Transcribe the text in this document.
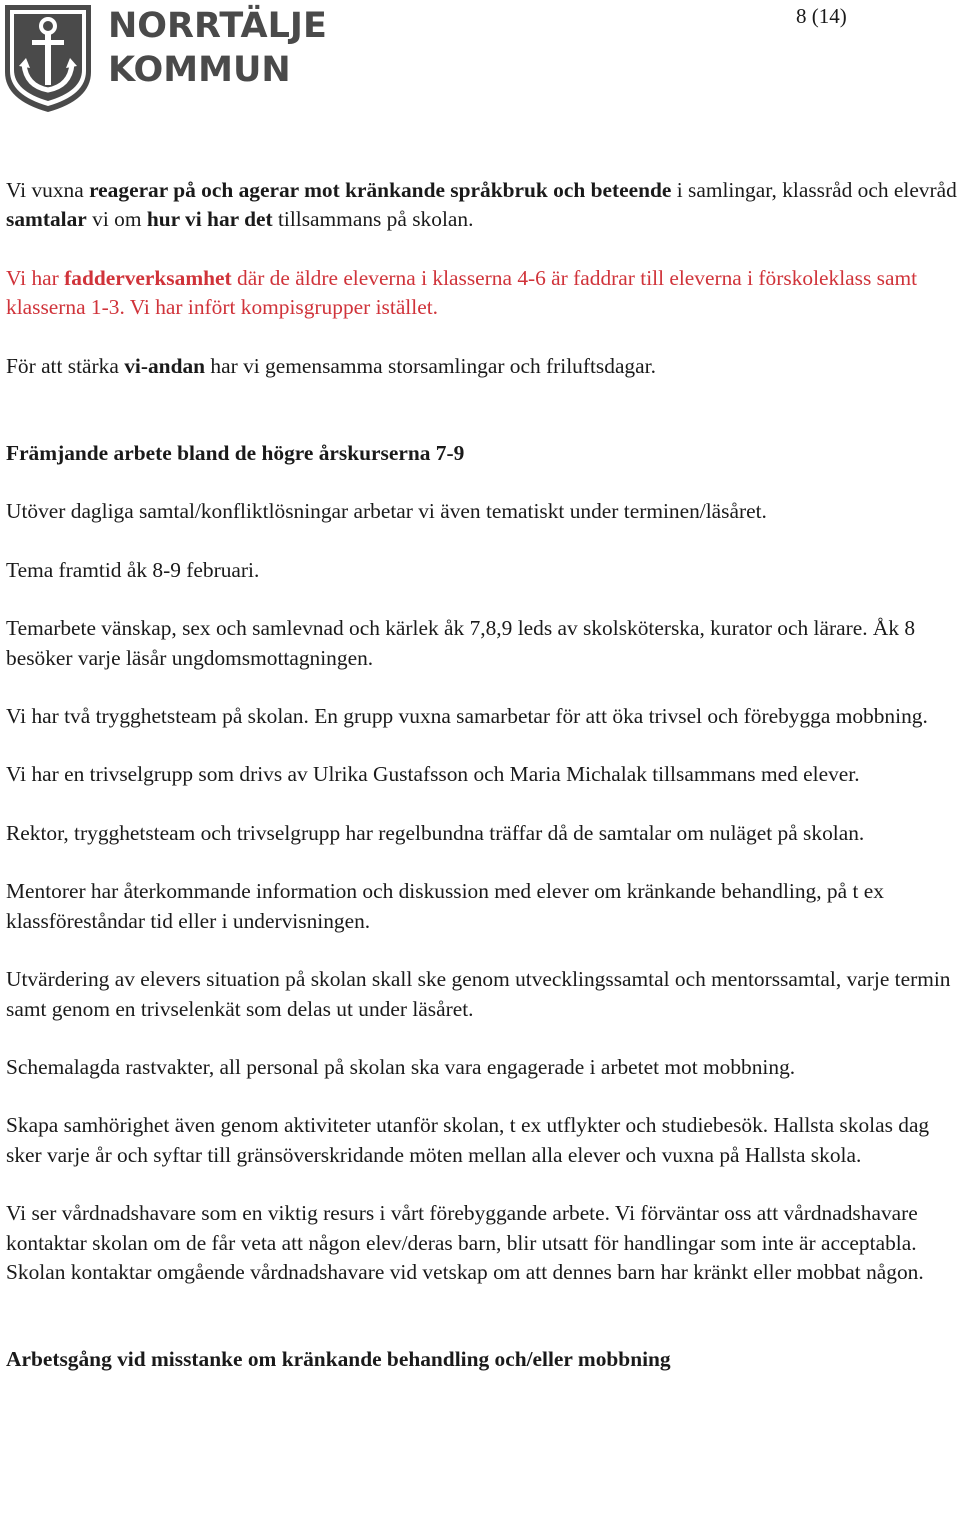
NORRTÄLJE
KOMMUN
8 (14)

Vi vuxna reagerar på och agerar mot kränkande språkbruk och beteende i samlingar, klassråd och elevråd samtalar vi om hur vi har det tillsammans på skolan.

Vi har fadderverksamhet där de äldre eleverna i klasserna 4-6 är faddrar till eleverna i förskoleklass samt klasserna 1-3. Vi har infört kompisgrupper istället.

För att stärka vi-andan har vi gemensamma storsamlingar och friluftsdagar.

Främjande arbete bland de högre årskurserna 7-9

Utöver dagliga samtal/konfliktlösningar arbetar vi även tematiskt under terminen/läsåret.

Tema framtid åk 8-9 februari.

Temarbete vänskap, sex och samlevnad och kärlek åk 7,8,9 leds av skolsköterska, kurator och lärare. Åk 8 besöker varje läsår ungdomsmottagningen.

Vi har två trygghetsteam på skolan. En grupp vuxna samarbetar för att öka trivsel och förebygga mobbning.

Vi har en trivselgrupp som drivs av Ulrika Gustafsson och Maria Michalak tillsammans med elever.

Rektor, trygghetsteam och trivselgrupp har regelbundna träffar då de samtalar om nuläget på skolan.

Mentorer har återkommande information och diskussion med elever om kränkande behandling, på t ex klassföreståndar tid eller i undervisningen.

Utvärdering av elevers situation på skolan skall ske genom utvecklingssamtal och mentorssamtal, varje termin samt genom en trivselenkät som delas ut under läsåret.

Schemalagda rastvakter, all personal på skolan ska vara engagerade i arbetet mot mobbning.

Skapa samhörighet även genom aktiviteter utanför skolan, t ex utflykter och studiebesök. Hallsta skolas dag sker varje år och syftar till gränsöverskridande möten mellan alla elever och vuxna på Hallsta skola.

Vi ser vårdnadshavare som en viktig resurs i vårt förebyggande arbete. Vi förväntar oss att vårdnadshavare kontaktar skolan om de får veta att någon elev/deras barn, blir utsatt för handlingar som inte är acceptabla. Skolan kontaktar omgående vårdnadshavare vid vetskap om att dennes barn har kränkt eller mobbat någon.

Arbetsgång vid misstanke om kränkande behandling och/eller mobbning
